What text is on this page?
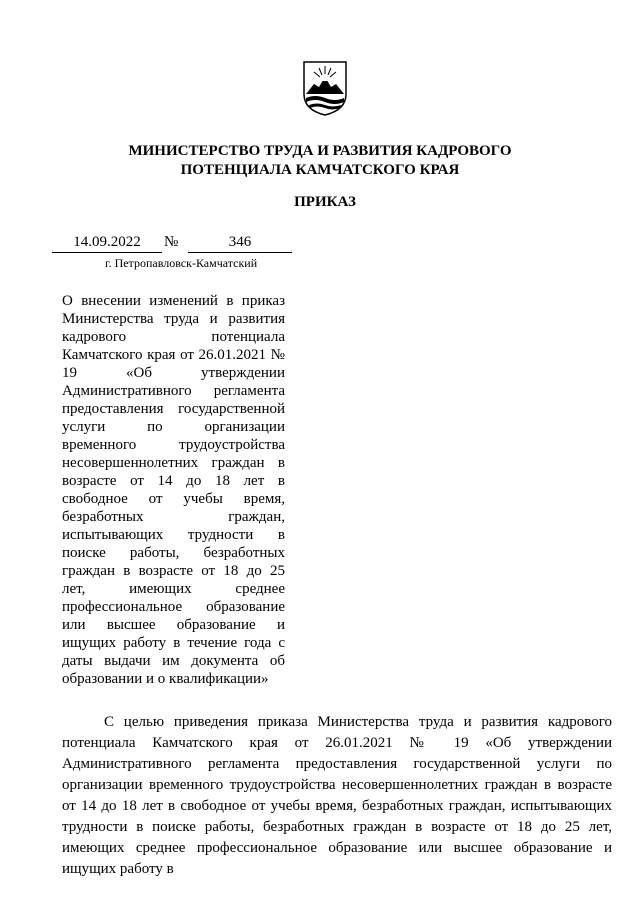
МИНИСТЕРСТВО ТРУДА И РАЗВИТИЯ КАДРОВОГО
ПОТЕНЦИАЛА КАМЧАТСКОГО КРАЯ
ПРИКАЗ
14.09.2022	№	346
г. Петропавловск-Камчатский
О внесении изменений в приказ Министерства труда и развития кадрового потенциала Камчатского края от 26.01.2021 № 19 «Об утверждении Административного регламента предоставления государственной услуги по организации временного трудоустройства несовершеннолетних граждан в возрасте от 14 до 18 лет в свободное от учебы время, безработных граждан, испытывающих трудности в поиске работы, безработных граждан в возрасте от 18 до 25 лет, имеющих среднее профессиональное образование или высшее образование и ищущих работу в течение года с даты выдачи им документа об образовании и о квалификации»

С целью приведения приказа Министерства труда и развития кадрового потенциала Камчатского края от 26.01.2021 № 19 «Об утверждении Административного регламента предоставления государственной услуги по организации временного трудоустройства несовершеннолетних граждан в возрасте от 14 до 18 лет в свободное от учебы время, безработных граждан, испытывающих трудности в поиске работы, безработных граждан в возрасте от 18 до 25 лет, имеющих среднее профессиональное образование или высшее образование и ищущих работу в
